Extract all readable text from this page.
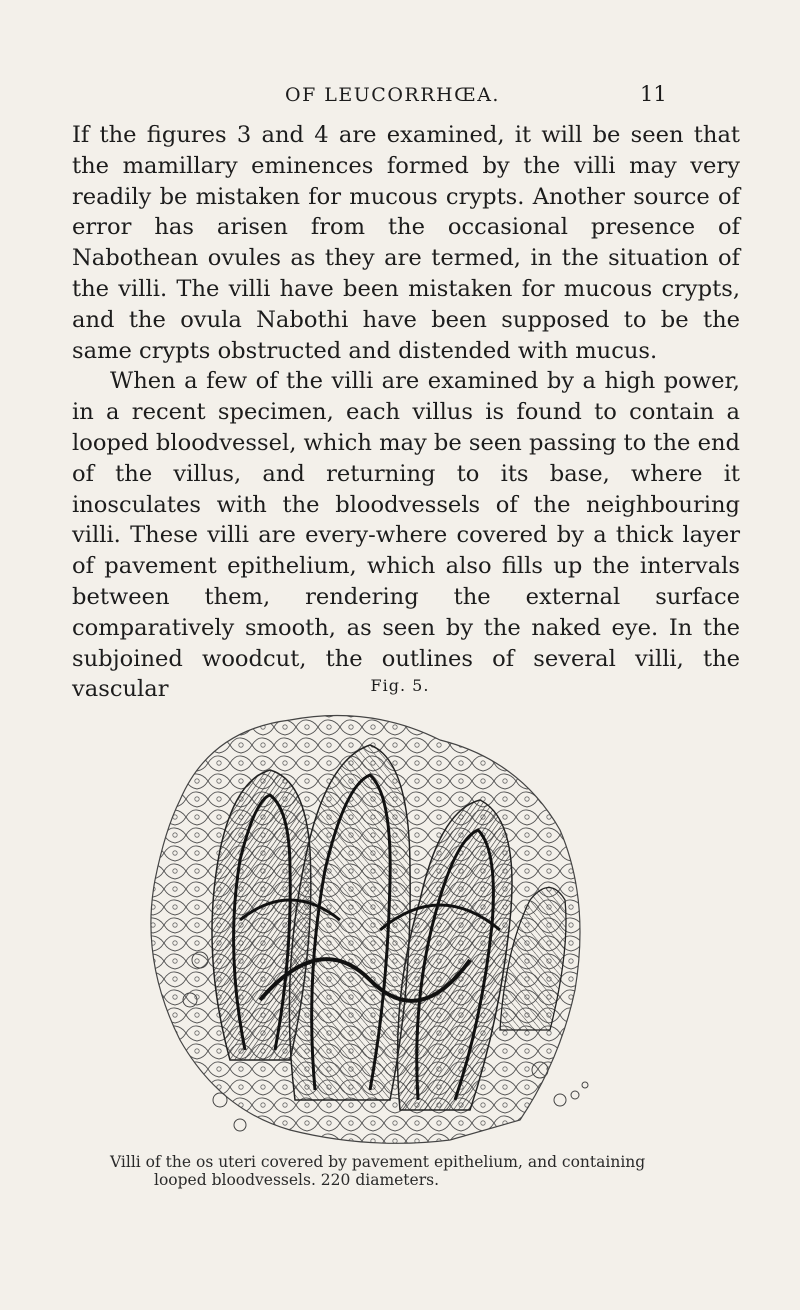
OF LEUCORRHŒA.	11

If the figures 3 and 4 are examined, it will be seen that the mamillary eminences formed by the villi may very readily be mistaken for mucous crypts. Another source of error has arisen from the occasional presence of Nabothean ovules as they are termed, in the situation of the villi. The villi have been mistaken for mucous crypts, and the ovula Nabothi have been supposed to be the same crypts obstructed and distended with mucus.

When a few of the villi are examined by a high power, in a recent specimen, each villus is found to contain a looped bloodvessel, which may be seen passing to the end of the villus, and returning to its base, where it inosculates with the bloodvessels of the neighbouring villi. These villi are every-where covered by a thick layer of pavement epithelium, which also fills up the intervals between them, rendering the external surface comparatively smooth, as seen by the naked eye. In the subjoined woodcut, the outlines of several villi, the vascular	Fig. 5.
Villi of the os uteri covered by pavement epithelium, and containing
looped bloodvessels. 220 diameters.
